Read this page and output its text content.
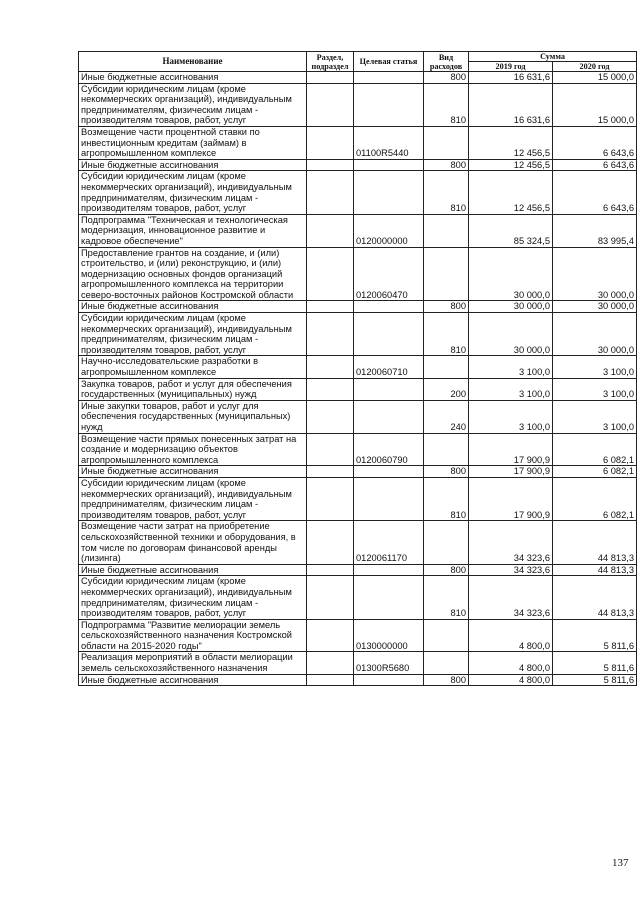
Наименование	Раздел, подраздел	Целевая статья	Вид расходов	Сумма	
				2019 год	2020 год
Иные бюджетные ассигнования			800	16 631,6	15 000,0
Субсидии юридическим лицам (кроме некоммерческих организаций), индивидуальным предпринимателям, физическим лицам - производителям товаров, работ, услуг			810	16 631,6	15 000,0
Возмещение части процентной ставки по инвестиционным кредитам (займам) в агропромышленном комплексе		01100R5440		12 456,5	6 643,6
Иные бюджетные ассигнования			800	12 456,5	6 643,6
Субсидии юридическим лицам (кроме некоммерческих организаций), индивидуальным предпринимателям, физическим лицам - производителям товаров, работ, услуг			810	12 456,5	6 643,6
Подпрограмма "Техническая и технологическая модернизация, инновационное развитие и кадровое обеспечение"		0120000000		85 324,5	83 995,4
Предоставление грантов на создание, и (или) строительство, и (или) реконструкцию, и (или) модернизацию основных фондов организаций агропромышленного комплекса на территории северо-восточных районов Костромской области		0120060470		30 000,0	30 000,0
Иные бюджетные ассигнования			800	30 000,0	30 000,0
Субсидии юридическим лицам (кроме некоммерческих организаций), индивидуальным предпринимателям, физическим лицам - производителям товаров, работ, услуг			810	30 000,0	30 000,0
Научно-исследовательские разработки в агропромышленном комплексе		0120060710		3 100,0	3 100,0
Закупка товаров, работ и услуг для обеспечения государственных (муниципальных) нужд			200	3 100,0	3 100,0
Иные закупки товаров, работ и услуг для обеспечения государственных (муниципальных) нужд			240	3 100,0	3 100,0
Возмещение части прямых понесенных затрат на создание и модернизацию объектов агропромышленного комплекса		0120060790		17 900,9	6 082,1
Иные бюджетные ассигнования			800	17 900,9	6 082,1
Субсидии юридическим лицам (кроме некоммерческих организаций), индивидуальным предпринимателям, физическим лицам - производителям товаров, работ, услуг			810	17 900,9	6 082,1
Возмещение части затрат на приобретение сельскохозяйственной техники и оборудования, в том числе по договорам финансовой аренды (лизинга)		0120061170		34 323,6	44 813,3
Иные бюджетные ассигнования			800	34 323,6	44 813,3
Субсидии юридическим лицам (кроме некоммерческих организаций), индивидуальным предпринимателям, физическим лицам - производителям товаров, работ, услуг			810	34 323,6	44 813,3
Подпрограмма "Развитие мелиорации земель сельскохозяйственного назначения Костромской области на 2015-2020 годы"		0130000000		4 800,0	5 811,6
Реализация мероприятий в области мелиорации земель сельскохозяйственного назначения		01300R5680		4 800,0	5 811,6
Иные бюджетные ассигнования			800	4 800,0	5 811,6
137
